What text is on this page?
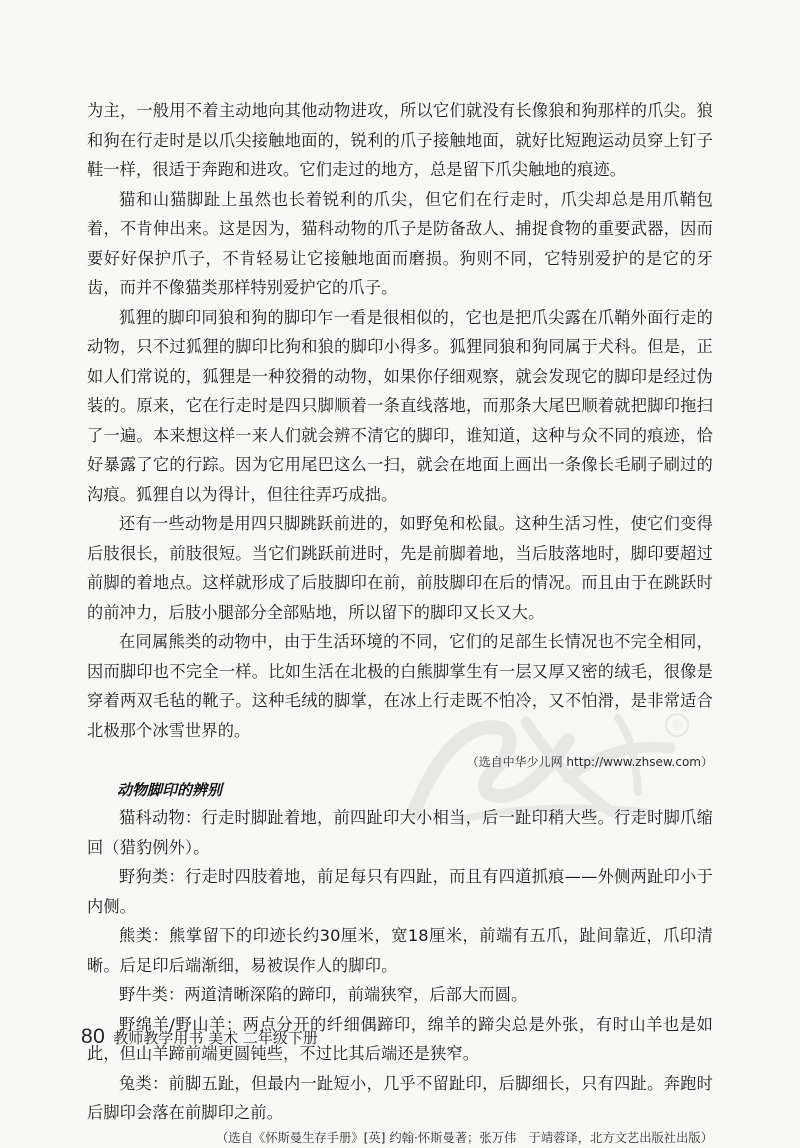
®

为主，一般用不着主动地向其他动物进攻，所以它们就没有长像狼和狗那样的爪尖。狼和狗在行走时是以爪尖接触地面的，锐利的爪子接触地面，就好比短跑运动员穿上钉子鞋一样，很适于奔跑和进攻。它们走过的地方，总是留下爪尖触地的痕迹。

猫和山猫脚趾上虽然也长着锐利的爪尖，但它们在行走时，爪尖却总是用爪鞘包着，不肯伸出来。这是因为，猫科动物的爪子是防备敌人、捕捉食物的重要武器，因而要好好保护爪子，不肯轻易让它接触地面而磨损。狗则不同，它特别爱护的是它的牙齿，而并不像猫类那样特别爱护它的爪子。

狐狸的脚印同狼和狗的脚印乍一看是很相似的，它也是把爪尖露在爪鞘外面行走的动物，只不过狐狸的脚印比狗和狼的脚印小得多。狐狸同狼和狗同属于犬科。但是，正如人们常说的，狐狸是一种狡猾的动物，如果你仔细观察，就会发现它的脚印是经过伪装的。原来，它在行走时是四只脚顺着一条直线落地，而那条大尾巴顺着就把脚印拖扫了一遍。本来想这样一来人们就会辨不清它的脚印，谁知道，这种与众不同的痕迹，恰好暴露了它的行踪。因为它用尾巴这么一扫，就会在地面上画出一条像长毛刷子刷过的沟痕。狐狸自以为得计，但往往弄巧成拙。

还有一些动物是用四只脚跳跃前进的，如野兔和松鼠。这种生活习性，使它们变得后肢很长，前肢很短。当它们跳跃前进时，先是前脚着地，当后肢落地时，脚印要超过前脚的着地点。这样就形成了后肢脚印在前，前肢脚印在后的情况。而且由于在跳跃时的前冲力，后肢小腿部分全部贴地，所以留下的脚印又长又大。

在同属熊类的动物中，由于生活环境的不同，它们的足部生长情况也不完全相同，因而脚印也不完全一样。比如生活在北极的白熊脚掌生有一层又厚又密的绒毛，很像是穿着两双毛毡的靴子。这种毛绒的脚掌，在冰上行走既不怕冷，又不怕滑，是非常适合北极那个冰雪世界的。

（选自中华少儿网 http://www.zhsew.com）

动物脚印的辨别

猫科动物：行走时脚趾着地，前四趾印大小相当，后一趾印稍大些。行走时脚爪缩回（猎豹例外）。

野狗类：行走时四肢着地，前足每只有四趾，而且有四道抓痕——外侧两趾印小于内侧。

熊类：熊掌留下的印迹长约30厘米，宽18厘米，前端有五爪，趾间靠近，爪印清晰。后足印后端渐细，易被误作人的脚印。

野牛类：两道清晰深陷的蹄印，前端狭窄，后部大而圆。

野绵羊/野山羊：两点分开的纤细偶蹄印，绵羊的蹄尖总是外张，有时山羊也是如此，但山羊蹄前端更圆钝些，不过比其后端还是狭窄。

兔类：前脚五趾，但最内一趾短小，几乎不留趾印，后脚细长，只有四趾。奔跑时后脚印会落在前脚印之前。

（选自《怀斯曼生存手册》[英] 约翰·怀斯曼著；张万伟　于靖蓉译，北方文艺出版社出版）

80 教师教学用书 美术 二年级下册
